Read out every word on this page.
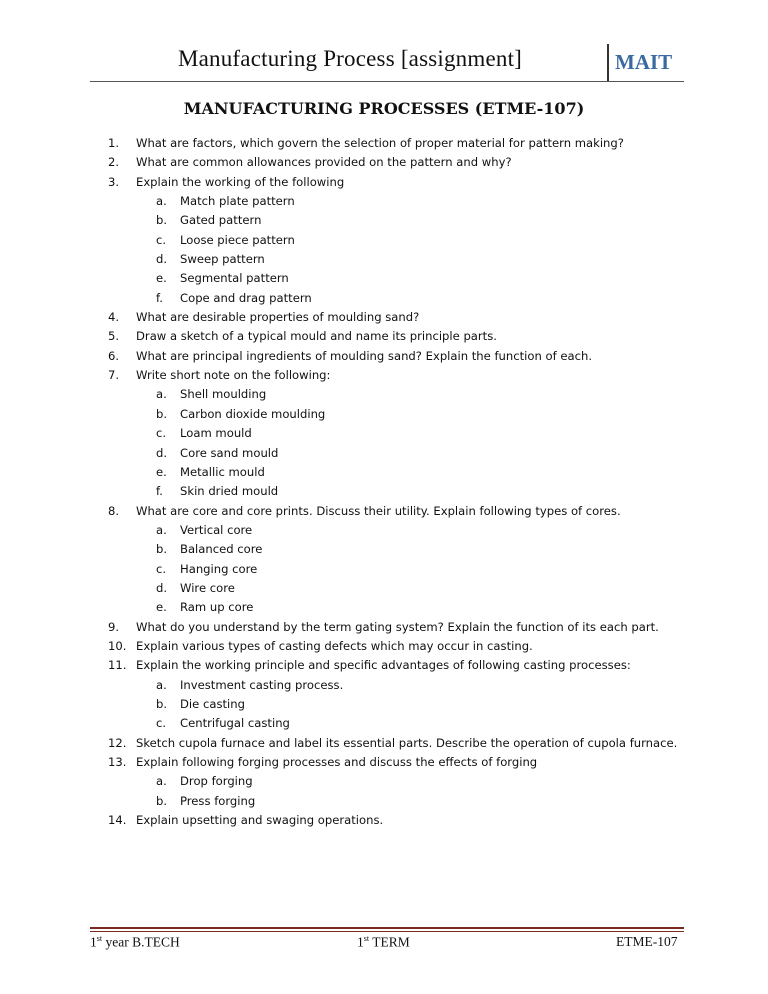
Manufacturing Process [assignment]	MAIT
MANUFACTURING PROCESSES (ETME-107)
1.	What are factors, which govern the selection of proper material for pattern making?
2.	What are common allowances provided on the pattern and why?
3.	Explain the working of the following
a. Match plate pattern
b. Gated pattern
c. Loose piece pattern
d. Sweep pattern
e. Segmental pattern
f. Cope and drag pattern
4.	What are desirable properties of moulding sand?
5.	Draw a sketch of a typical mould and name its principle parts.
6.	What are principal ingredients of moulding sand? Explain the function of each.
7.	Write short note on the following:
a. Shell moulding
b. Carbon dioxide moulding
c. Loam mould
d. Core sand mould
e. Metallic mould
f. Skin dried mould
8.	What are core and core prints. Discuss their utility. Explain following types of cores.
a. Vertical core
b. Balanced core
c. Hanging core
d. Wire core
e. Ram up core
9.	What do you understand by the term gating system? Explain the function of its each part.
10. Explain various types of casting defects which may occur in casting.
11. Explain the working principle and specific advantages of following casting processes:
a. Investment casting process.
b. Die casting
c. Centrifugal casting
12. Sketch cupola furnace and label its essential parts. Describe the operation of cupola furnace.
13. Explain following forging processes and discuss the effects of forging
a. Drop forging
b. Press forging
14. Explain upsetting and swaging operations.
1st year B.TECH	1st TERM	ETME-107
